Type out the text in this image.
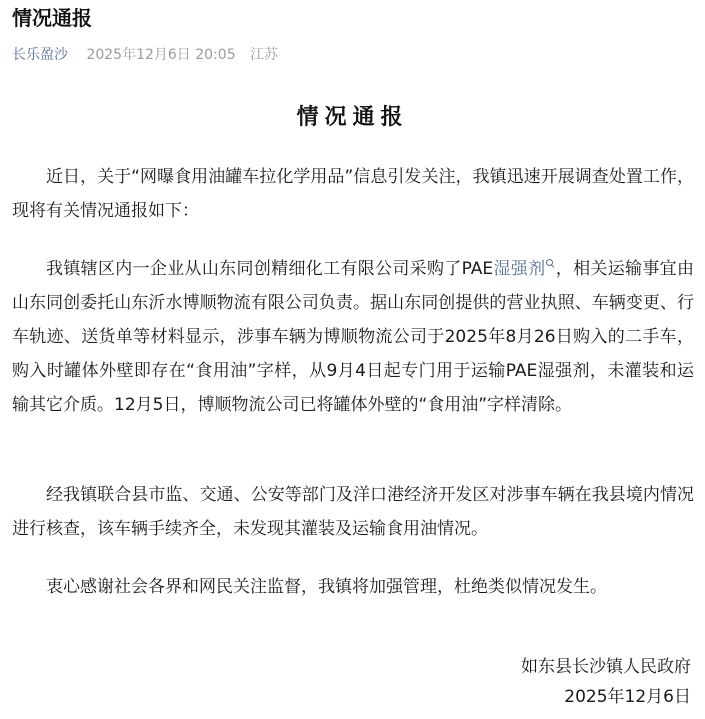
情况通报
长乐盈沙 2025年12月6日 20:05 江苏
情况通报

近日，关于“网曝食用油罐车拉化学用品”信息引发关注，我镇迅速开展调查处置工作，现将有关情况通报如下：

我镇辖区内一企业从山东同创精细化工有限公司采购了PAE湿强剂 ，相关运输事宜由山东同创委托山东沂水博顺物流有限公司负责。据山东同创提供的营业执照、车辆变更、行车轨迹、送货单等材料显示，涉事车辆为博顺物流公司于2025年8月26日购入的二手车，购入时罐体外壁即存在“食用油”字样，从9月4日起专门用于运输PAE湿强剂，未灌装和运输其它介质。12月5日，博顺物流公司已将罐体外壁的“食用油”字样清除。

经我镇联合县市监、交通、公安等部门及洋口港经济开发区对涉事车辆在我县境内情况进行核查，该车辆手续齐全，未发现其灌装及运输食用油情况。

衷心感谢社会各界和网民关注监督，我镇将加强管理，杜绝类似情况发生。

如东县长沙镇人民政府
2025年12月6日
